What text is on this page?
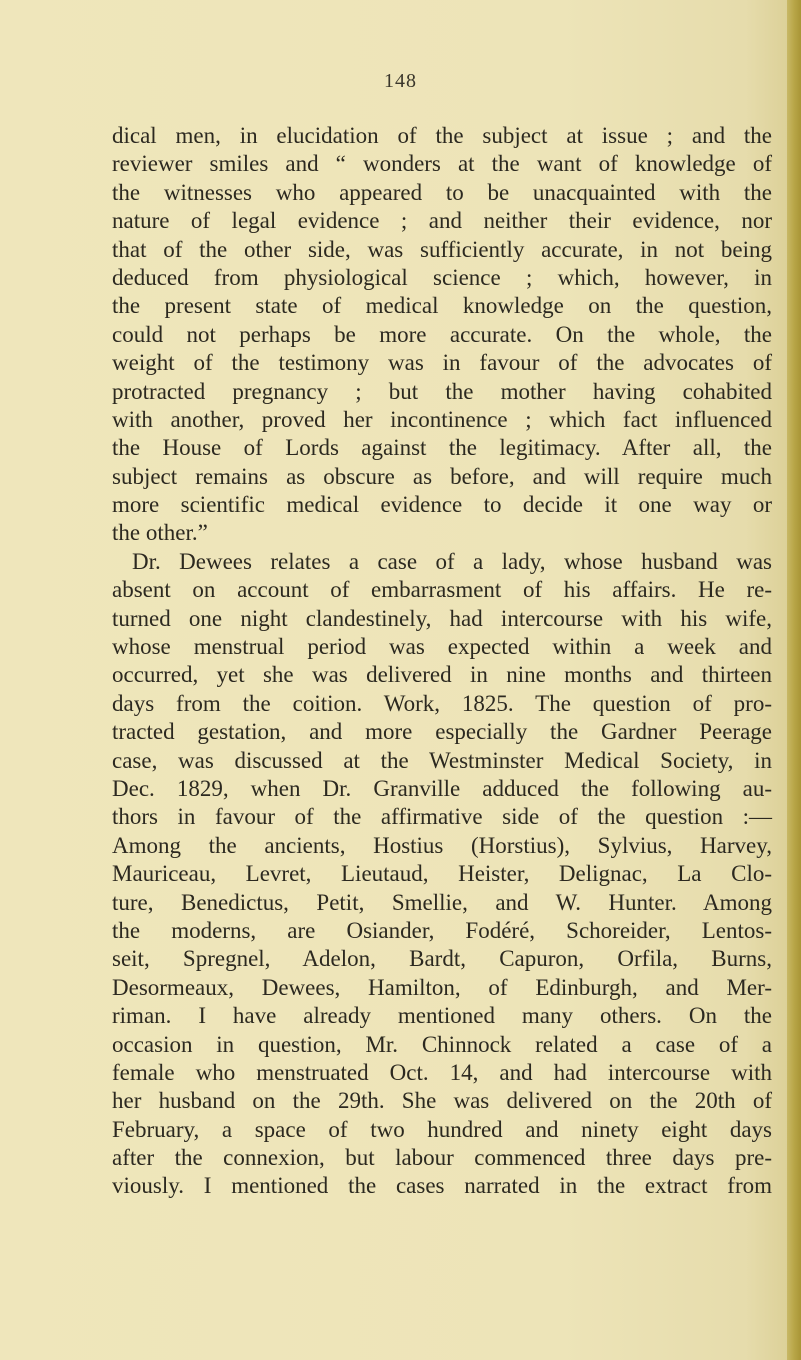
148
dical men, in elucidation of the subject at issue ; and the
reviewer smiles and “ wonders at the want of knowledge of
the witnesses who appeared to be unacquainted with the
nature of legal evidence ; and neither their evidence, nor
that of the other side, was sufficiently accurate, in not being
deduced from physiological science ; which, however, in
the present state of medical knowledge on the question,
could not perhaps be more accurate. On the whole, the
weight of the testimony was in favour of the advocates of
protracted pregnancy ; but the mother having cohabited
with another, proved her incontinence ; which fact influenced
the House of Lords against the legitimacy. After all, the
subject remains as obscure as before, and will require much
more scientific medical evidence to decide it one way or
the other.”
Dr. Dewees relates a case of a lady, whose husband was
absent on account of embarrasment of his affairs. He re-
turned one night clandestinely, had intercourse with his wife,
whose menstrual period was expected within a week and
occurred, yet she was delivered in nine months and thirteen
days from the coition. Work, 1825. The question of pro-
tracted gestation, and more especially the Gardner Peerage
case, was discussed at the Westminster Medical Society, in
Dec. 1829, when Dr. Granville adduced the following au-
thors in favour of the affirmative side of the question :—
Among the ancients, Hostius (Horstius), Sylvius, Harvey,
Mauriceau, Levret, Lieutaud, Heister, Delignac, La Clo-
ture, Benedictus, Petit, Smellie, and W. Hunter. Among
the moderns, are Osiander, Fodéré, Schoreider, Lentos-
seit, Spregnel, Adelon, Bardt, Capuron, Orfila, Burns,
Desormeaux, Dewees, Hamilton, of Edinburgh, and Mer-
riman. I have already mentioned many others. On the
occasion in question, Mr. Chinnock related a case of a
female who menstruated Oct. 14, and had intercourse with
her husband on the 29th. She was delivered on the 20th of
February, a space of two hundred and ninety eight days
after the connexion, but labour commenced three days pre-
viously. I mentioned the cases narrated in the extract from
